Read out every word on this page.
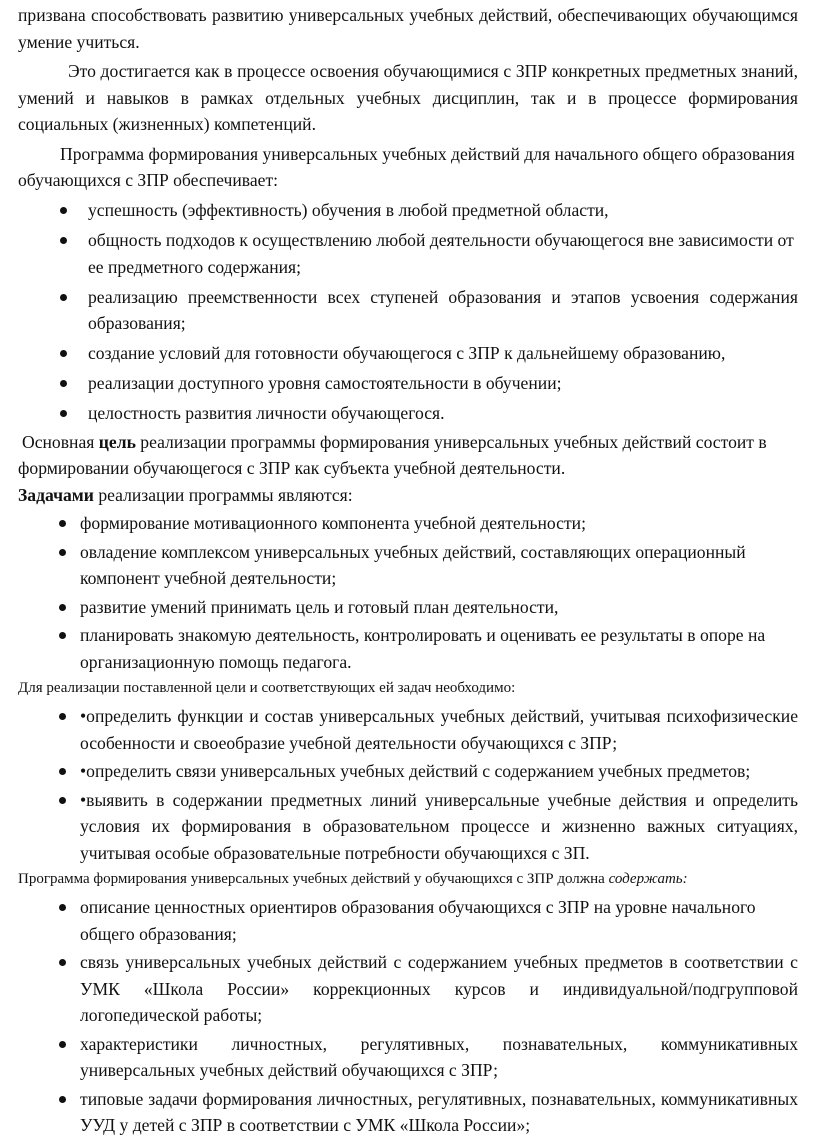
призвана способствовать развитию универсальных учебных действий, обеспечивающих обучающимся умение учиться.

Это достигается как в процессе освоения обучающимися с ЗПР конкретных предметных знаний, умений и навыков в рамках отдельных учебных дисциплин, так и в процессе формирования социальных (жизненных) компетенций.

Программа формирования универсальных учебных действий для начального общего образования обучающихся с ЗПР обеспечивает:

успешность (эффективность) обучения в любой предметной области,
общность подходов к осуществлению любой деятельности обучающегося вне зависимости от ее предметного содержания;
реализацию преемственности всех ступеней образования и этапов усвоения содержания образования;
создание условий для готовности обучающегося с ЗПР к дальнейшему образованию,
реализации доступного уровня самостоятельности в обучении;
целостность развития личности обучающегося.

Основная цель реализации программы формирования универсальных учебных действий состоит в формировании обучающегося с ЗПР как субъекта учебной деятельности.

Задачами реализации программы являются:

формирование мотивационного компонента учебной деятельности;
овладение комплексом универсальных учебных действий, составляющих операционный компонент учебной деятельности;
развитие умений принимать цель и готовый план деятельности,
планировать знакомую деятельность, контролировать и оценивать ее результаты в опоре на организационную помощь педагога.

Для реализации поставленной цели и соответствующих ей задач необходимо:

•определить функции и состав универсальных учебных действий, учитывая психофизические особенности и своеобразие учебной деятельности обучающихся с ЗПР;
•определить связи универсальных учебных действий с содержанием учебных предметов;
•выявить в содержании предметных линий универсальные учебные действия и определить условия их формирования в образовательном процессе и жизненно важных ситуациях, учитывая особые образовательные потребности обучающихся с ЗП.

Программа формирования универсальных учебных действий у обучающихся с ЗПР должна содержать:

описание ценностных ориентиров образования обучающихся с ЗПР на уровне начального общего образования;
связь универсальных учебных действий с содержанием учебных предметов в соответствии с УМК «Школа России» коррекционных курсов и индивидуальной/подгрупповой логопедической работы;
характеристики личностных, регулятивных, познавательных, коммуникативных универсальных учебных действий обучающихся с ЗПР;
типовые задачи формирования личностных, регулятивных, познавательных, коммуникативных УУД у детей с ЗПР в соответствии с УМК «Школа России»;
